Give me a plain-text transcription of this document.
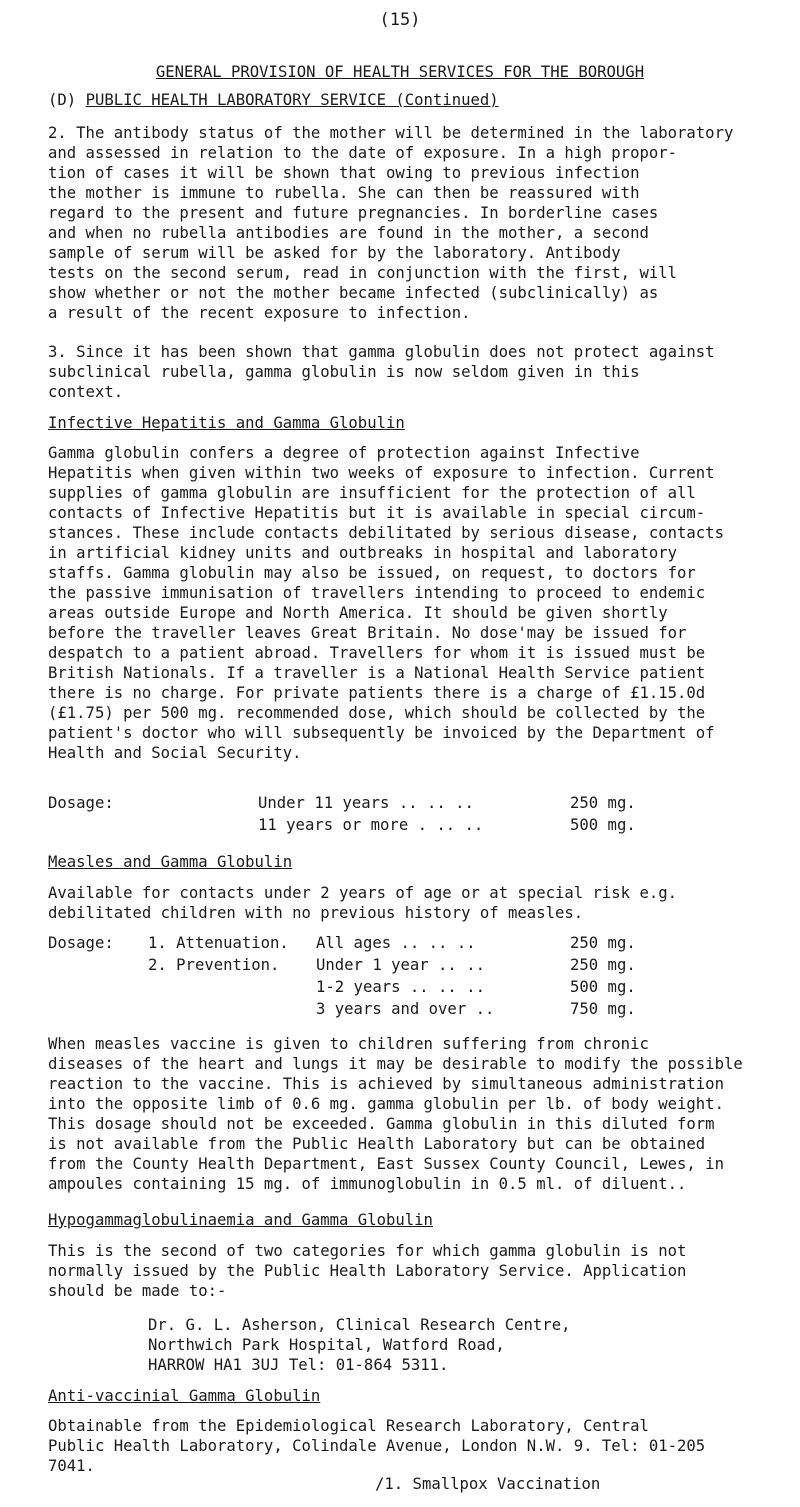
(15)
GENERAL PROVISION OF HEALTH SERVICES FOR THE BOROUGH
(D) PUBLIC HEALTH LABORATORY SERVICE (Continued)
2. The antibody status of the mother will be determined in the laboratory
and assessed in relation to the date of exposure. In a high propor-
tion of cases it will be shown that owing to previous infection
the mother is immune to rubella. She can then be reassured with
regard to the present and future pregnancies. In borderline cases
and when no rubella antibodies are found in the mother, a second
sample of serum will be asked for by the laboratory. Antibody
tests on the second serum, read in conjunction with the first, will
show whether or not the mother became infected (subclinically) as
a result of the recent exposure to infection.
3. Since it has been shown that gamma globulin does not protect against
subclinical rubella, gamma globulin is now seldom given in this
context.
Infective Hepatitis and Gamma Globulin
Gamma globulin confers a degree of protection against Infective
Hepatitis when given within two weeks of exposure to infection. Current
supplies of gamma globulin are insufficient for the protection of all
contacts of Infective Hepatitis but it is available in special circum-
stances. These include contacts debilitated by serious disease, contacts
in artificial kidney units and outbreaks in hospital and laboratory
staffs. Gamma globulin may also be issued, on request, to doctors for
the passive immunisation of travellers intending to proceed to endemic
areas outside Europe and North America. It should be given shortly
before the traveller leaves Great Britain. No dose'may be issued for
despatch to a patient abroad. Travellers for whom it is issued must be
British Nationals. If a traveller is a National Health Service patient
there is no charge. For private patients there is a charge of £1.15.0d
(£1.75) per 500 mg. recommended dose, which should be collected by the
patient's doctor who will subsequently be invoiced by the Department of
Health and Social Security.
Dosage:	Under 11 years .. .. ..	250 mg.
11 years or more . .. ..	500 mg.
Measles and Gamma Globulin
Available for contacts under 2 years of age or at special risk e.g.
debilitated children with no previous history of measles.
Dosage: 1. Attenuation. All ages .. .. ..	250 mg.
2. Prevention. Under 1 year .. ..	250 mg.
1-2 years .. .. ..	500 mg.
3 years and over ..	750 mg.
When measles vaccine is given to children suffering from chronic
diseases of the heart and lungs it may be desirable to modify the possible
reaction to the vaccine. This is achieved by simultaneous administration
into the opposite limb of 0.6 mg. gamma globulin per lb. of body weight.
This dosage should not be exceeded. Gamma globulin in this diluted form
is not available from the Public Health Laboratory but can be obtained
from the County Health Department, East Sussex County Council, Lewes, in
ampoules containing 15 mg. of immunoglobulin in 0.5 ml. of diluent..
Hypogammaglobulinaemia and Gamma Globulin
This is the second of two categories for which gamma globulin is not
normally issued by the Public Health Laboratory Service. Application
should be made to:-
Dr. G. L. Asherson, Clinical Research Centre,
Northwich Park Hospital, Watford Road,
HARROW HA1 3UJ Tel: 01-864 5311.
Anti-vaccinial Gamma Globulin
Obtainable from the Epidemiological Research Laboratory, Central
Public Health Laboratory, Colindale Avenue, London N.W. 9. Tel: 01-205
7041.
/1. Smallpox Vaccination
